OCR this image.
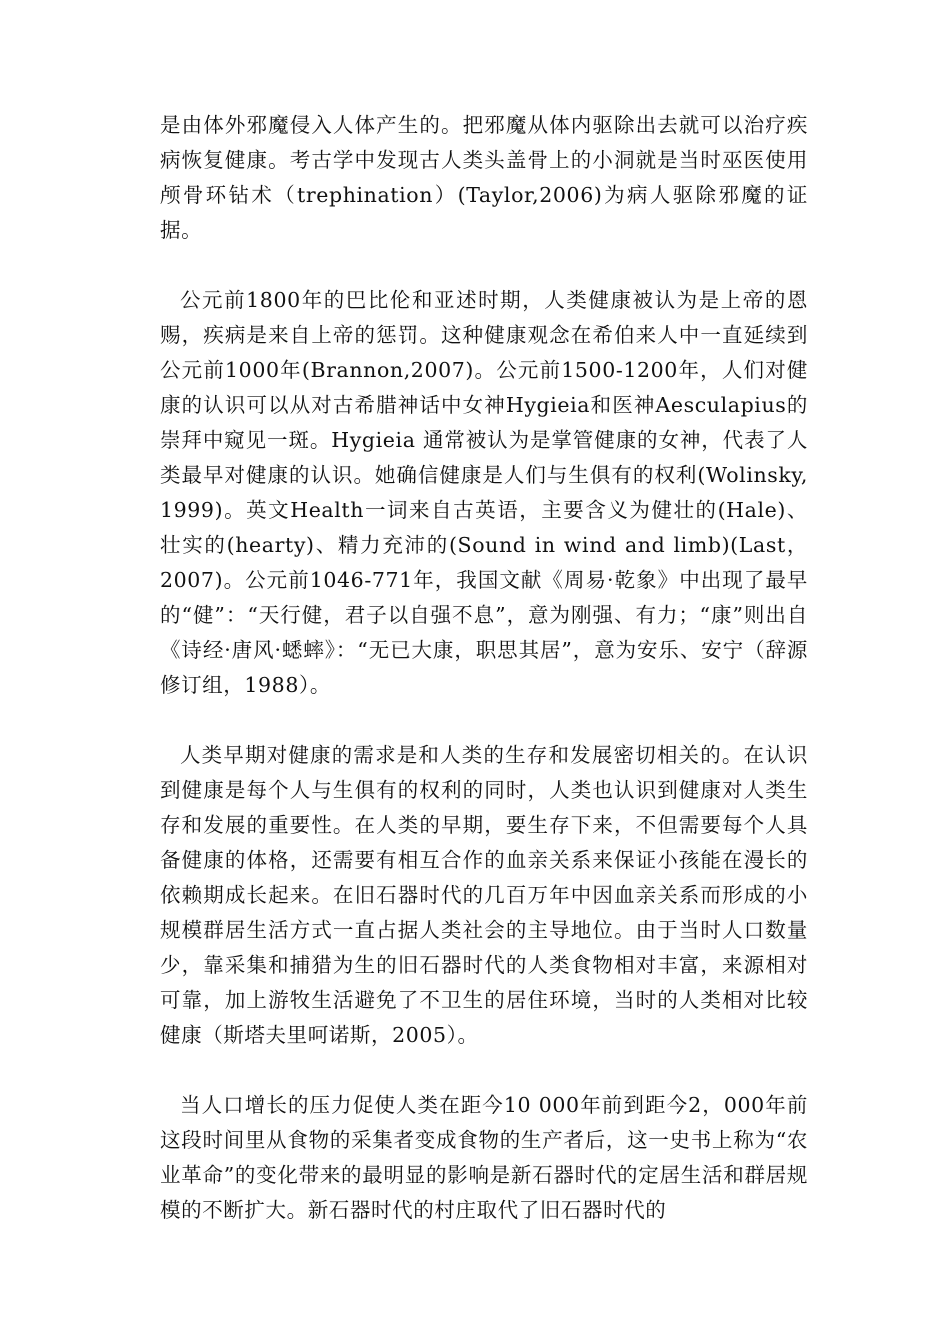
是由体外邪魔侵入人体产生的。把邪魔从体内驱除出去就可以治疗疾病恢复健康。考古学中发现古人类头盖骨上的小洞就是当时巫医使用颅骨环钻术（trephination）(Taylor,2006)为病人驱除邪魔的证据。

公元前1800年的巴比伦和亚述时期，人类健康被认为是上帝的恩赐，疾病是来自上帝的惩罚。这种健康观念在希伯来人中一直延续到公元前1000年(Brannon,2007)。公元前1500-1200年，人们对健康的认识可以从对古希腊神话中女神Hygieia和医神Aesculapius的崇拜中窥见一斑。Hygieia 通常被认为是掌管健康的女神，代表了人类最早对健康的认识。她确信健康是人们与生俱有的权利(Wolinsky,1999)。英文Health一词来自古英语，主要含义为健壮的(Hale)、壮实的(hearty)、精力充沛的(Sound in wind and limb)(Last， 2007)。公元前1046-771年，我国文献《周易·乾象》中出现了最早的“健”：“天行健，君子以自强不息”，意为刚强、有力；“康”则出自《诗经·唐风·蟋蟀》：“无已大康，职思其居”，意为安乐、安宁（辞源修订组，1988）。

人类早期对健康的需求是和人类的生存和发展密切相关的。在认识到健康是每个人与生俱有的权利的同时，人类也认识到健康对人类生存和发展的重要性。在人类的早期，要生存下来，不但需要每个人具备健康的体格，还需要有相互合作的血亲关系来保证小孩能在漫长的依赖期成长起来。在旧石器时代的几百万年中因血亲关系而形成的小规模群居生活方式一直占据人类社会的主导地位。由于当时人口数量少，靠采集和捕猎为生的旧石器时代的人类食物相对丰富，来源相对可靠，加上游牧生活避免了不卫生的居住环境，当时的人类相对比较健康（斯塔夫里呵诺斯，2005）。

当人口增长的压力促使人类在距今10 000年前到距今2，000年前这段时间里从食物的采集者变成食物的生产者后，这一史书上称为“农业革命”的变化带来的最明显的影响是新石器时代的定居生活和群居规模的不断扩大。新石器时代的村庄取代了旧石器时代的
